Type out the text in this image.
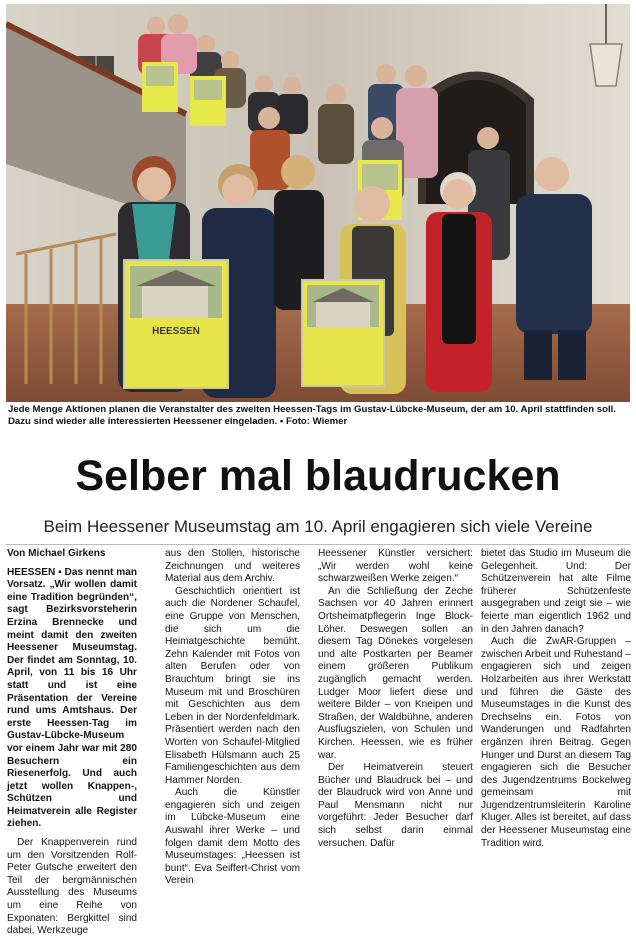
HEESSEN
Jede Menge Aktionen planen die Veranstalter des zweiten Heessen-Tags im Gustav-Lübcke-Museum, der am 10. April stattfinden soll. Dazu sind wieder alle interessierten Heessener eingeladen. ▪ Foto: Wiemer
Selber mal blaudrucken
Beim Heessener Museumstag am 10. April engagieren sich viele Vereine

Von Michael Girkens

HEESSEN ▪ Das nennt man Vorsatz. „Wir wollen damit eine Tradition begründen“, sagt Bezirksvorsteherin Erzina Brennecke und meint damit den zweiten Heessener Museumstag. Der findet am Sonntag, 10. April, von 11 bis 16 Uhr statt und ist eine Präsentation der Vereine rund ums Amtshaus. Der erste Heessen-Tag im Gustav-Lübcke-Museum vor einem Jahr war mit 280 Besuchern ein Riesenerfolg. Und auch jetzt wollen Knappen-, Schützen und Heimatverein alle Register ziehen.

Der Knappenverein rund um den Vorsitzenden Rolf-Peter Gutsche erweitert den Teil der bergmännischen Ausstellung des Museums um eine Reihe von Exponaten: Bergkittel sind dabei, Werkzeuge

aus den Stollen, historische Zeichnungen und weiteres Material aus dem Archiv.

Geschichtlich orientiert ist auch die Nordener Schaufel, eine Gruppe von Menschen, die sich um die Heimatgeschichte bemüht. Zehn Kalender mit Fotos von alten Berufen oder von Brauchtum bringt sie ins Museum mit und Broschüren mit Geschichten aus dem Leben in der Nordenfeldmark. Präsentiert werden nach den Worten von Schaufel-Mitglied Elisabeth Hülsmann auch 25 Familiengeschichten aus dem Hammer Norden.

Auch die Künstler engagieren sich und zeigen im Lübcke-Museum eine Auswahl ihrer Werke – und folgen damit dem Motto des Museumstages: „Heessen ist bunt“. Eva Seiffert-Christ vom Verein

Heessener Künstler versichert: „Wir werden wohl keine schwarzweißen Werke zeigen.“

An die Schließung der Zeche Sachsen vor 40 Jahren erinnert Ortsheimatpflegerin Inge Block-Löher. Deswegen sollen an diesem Tag Dönekes vorgelesen und alte Postkarten per Beamer einem größeren Publikum zugänglich gemacht werden. Ludger Moor liefert diese und weitere Bilder – von Kneipen und Straßen, der Waldbühne, anderen Ausflugszielen, von Schulen und Kirchen. Heessen, wie es früher war.

Der Heimatverein steuert Bücher und Blaudruck bei – und der Blaudruck wird von Anne und Paul Mensmann nicht nur vorgeführt: Jeder Besucher darf sich selbst darin einmal versuchen. Dafür

bietet das Studio im Museum die Gelegenheit. Und: Der Schützenverein hat alte Filme früherer Schützenfeste ausgegraben und zeigt sie – wie feierte man eigentlich 1962 und in den Jahren danach?

Auch die ZwAR-Gruppen – zwischen Arbeit und Ruhestand – engagieren sich und zeigen Holzarbeiten aus ihrer Werkstatt und führen die Gäste des Museumstages in die Kunst des Drechselns ein. Fotos von Wanderungen und Radfahrten ergänzen ihren Beitrag. Gegen Hunger und Durst an diesem Tag engagieren sich die Besucher des Jugendzentrums Bockelweg gemeinsam mit Jugendzentrumsleiterin Karoline Kluger. Alles ist bereitet, auf dass der Heessener Museumstag eine Tradition wird.
